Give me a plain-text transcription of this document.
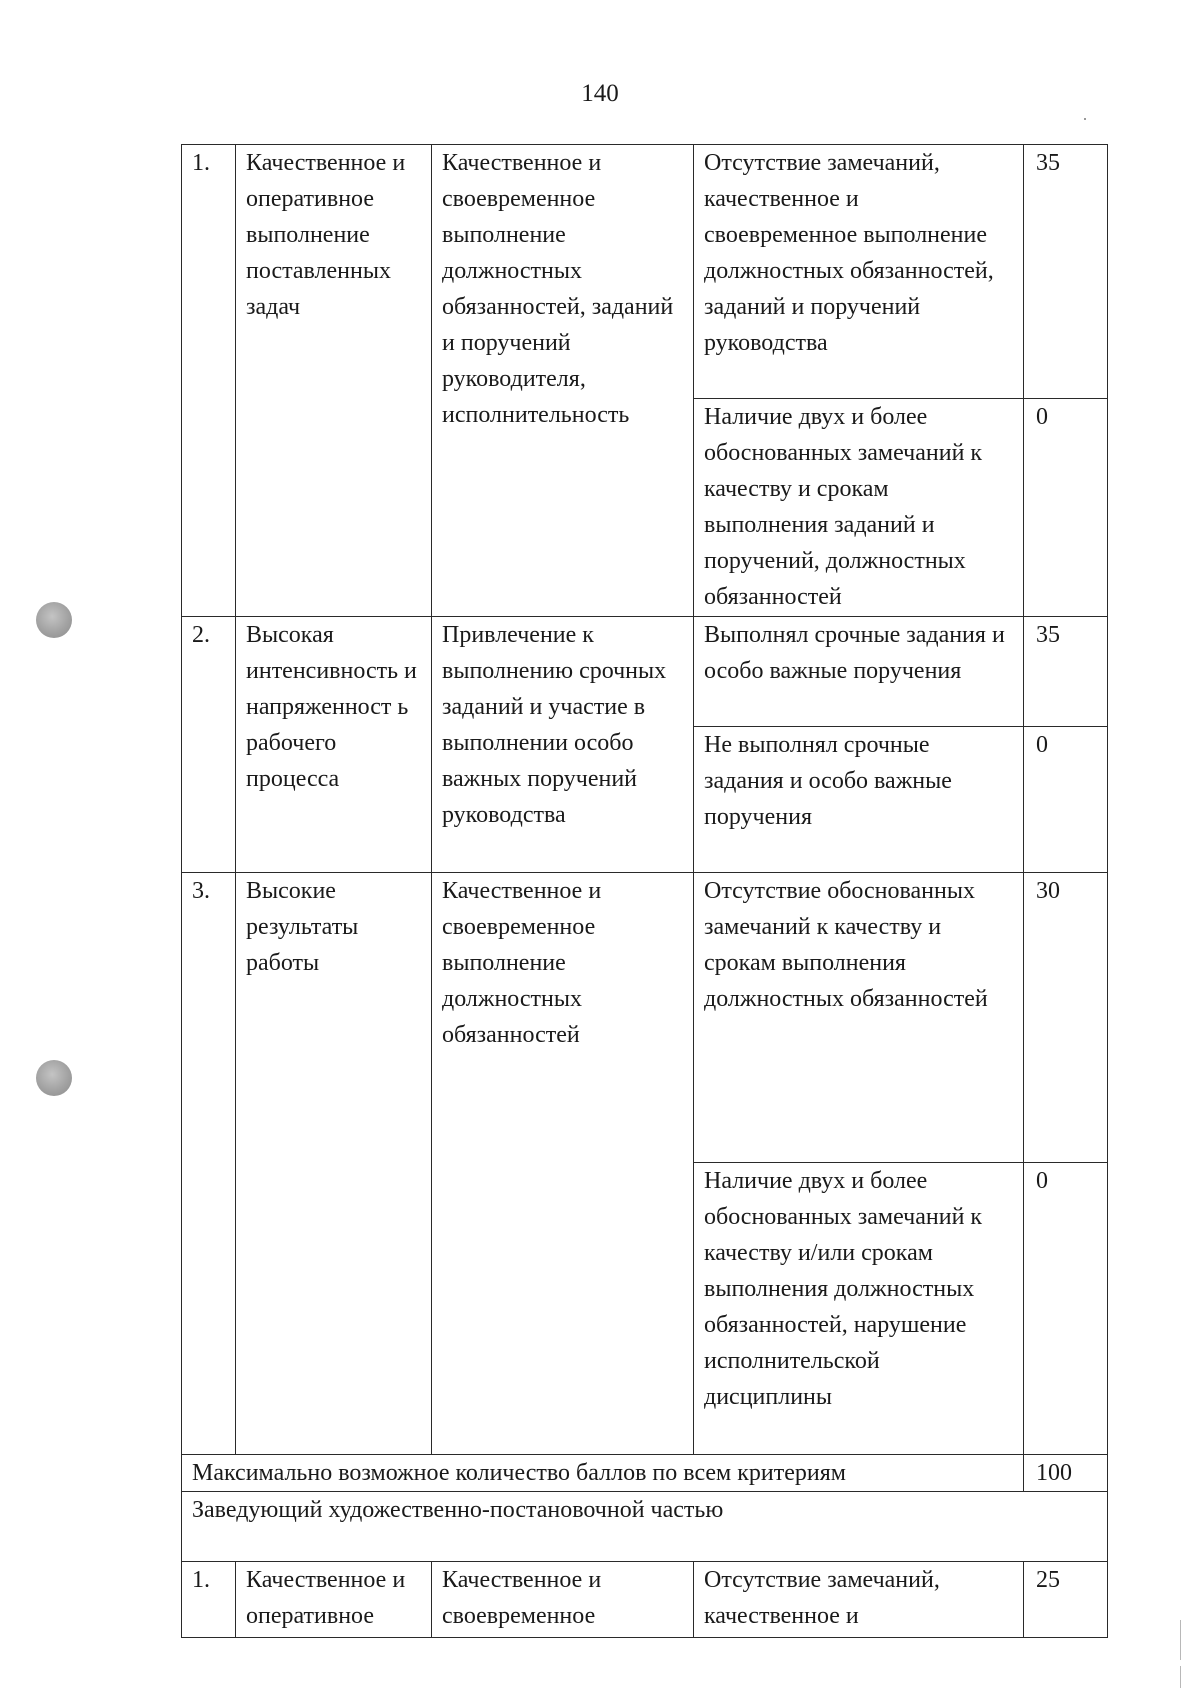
140
1.	Качественное и оперативное выполнение поставленных задач	Качественное и своевременное выполнение должностных обязанностей, заданий и поручений руководителя, исполнительность	Отсутствие замечаний, качественное и своевременное выполнение должностных обязанностей, заданий и поручений руководства	35
			Наличие двух и более обоснованных замечаний к качеству и срокам выполнения заданий и поручений, должностных обязанностей	0
2.	Высокая интенсивность и напряженност ь рабочего процесса	Привлечение к выполнению срочных заданий и участие в выполнении особо важных поручений руководства	Выполнял срочные задания и особо важные поручения	35
			Не выполнял срочные задания и особо важные поручения	0
3.	Высокие результаты работы	Качественное и своевременное выполнение должностных обязанностей	Отсутствие обоснованных замечаний к качеству и срокам выполнения должностных обязанностей	30
			Наличие двух и более обоснованных замечаний к качеству и/или срокам выполнения должностных обязанностей, нарушение исполнительской дисциплины	0
Максимально возможное количество баллов по всем критериям				100
Заведующий художественно-постановочной частью				
1.	Качественное и оперативное	Качественное и своевременное	Отсутствие замечаний, качественное и	25
